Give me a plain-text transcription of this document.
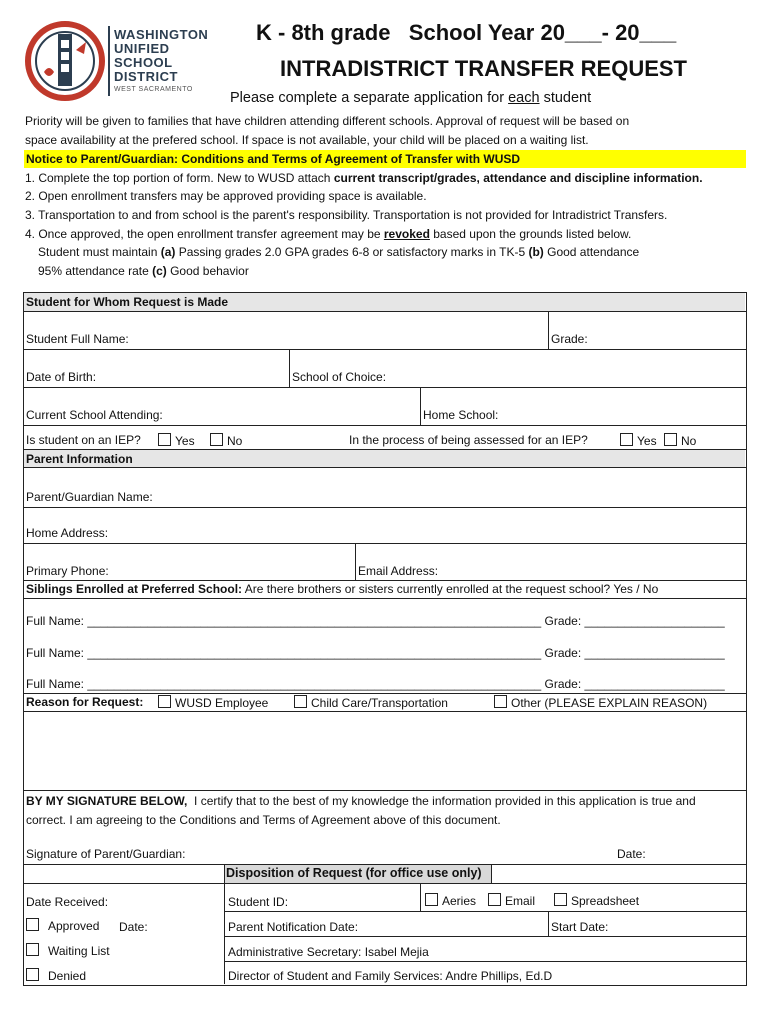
WASHINGTON
UNIFIED
SCHOOL
DISTRICT
WEST SACRAMENTO
K - 8th grade   School Year 20___- 20___
INTRADISTRICT TRANSFER REQUEST
Please complete a separate application for each student
Priority will be given to families that have children attending different schools. Approval of request will be based on
space availability at the prefered school. If space is not available, your child will be placed on a waiting list.
Notice to Parent/Guardian: Conditions and Terms of Agreement of Transfer with WUSD
1. Complete the top portion of form. New to WUSD attach current transcript/grades, attendance and discipline information.
2. Open enrollment transfers may be approved providing space is available.
3. Transportation to and from school is the parent's responsibility. Transportation is not provided for Intradistrict Transfers.
4. Once approved, the open enrollment transfer agreement may be revoked based upon the grounds listed below.
Student must maintain (a) Passing grades 2.0 GPA grades 6-8 or satisfactory marks in TK-5 (b) Good attendance
95% attendance rate (c) Good behavior
Student for Whom Request is Made
Student Full Name:	Grade:
Date of Birth:	School of Choice:
Current School Attending:	Home School:
Is student on an IEP?	Yes	No	In the process of being assessed for an IEP?	Yes	No
Parent Information
Parent/Guardian Name:
Home Address:
Primary Phone:	Email Address:
Siblings Enrolled at Preferred School: Are there brothers or sisters currently enrolled at the request school? Yes / No
Full Name: ____________________________________________________________________ Grade: _____________________
Full Name: ____________________________________________________________________ Grade: _____________________
Full Name: ____________________________________________________________________ Grade: _____________________
Reason for Request:	WUSD Employee	Child Care/Transportation	Other (PLEASE EXPLAIN REASON)
BY MY SIGNATURE BELOW,  I certify that to the best of my knowledge the information provided in this application is true and
correct. I am agreeing to the Conditions and Terms of Agreement above of this document.
Signature of Parent/Guardian:	Date:
Disposition of Request (for office use only)
Date Received:	Student ID:	Aeries	Email	Spreadsheet
Approved Date:	Parent Notification Date:	Start Date:
Waiting List	Administrative Secretary: Isabel Mejia
Denied	Director of Student and Family Services: Andre Phillips, Ed.D
